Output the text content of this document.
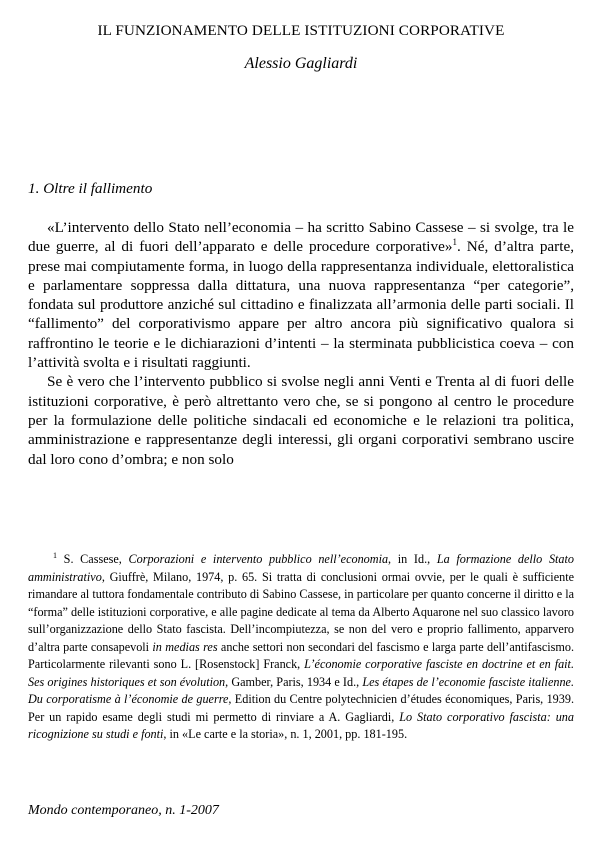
IL FUNZIONAMENTO DELLE ISTITUZIONI CORPORATIVE
Alessio Gagliardi
1. Oltre il fallimento

«L’intervento dello Stato nell’economia – ha scritto Sabino Cassese – si svolge, tra le due guerre, al di fuori dell’apparato e delle procedure corporative»$^1$. Né, d’altra parte, prese mai compiutamente forma, in luogo della rappresentanza individuale, elettoralistica e parlamentare soppressa dalla dittatura, una nuova rappresentanza “per categorie”, fondata sul produttore anziché sul cittadino e finalizzata all’armonia delle parti sociali. Il “fallimento” del corporativismo appare per altro ancora più significativo qualora si raffrontino le teorie e le dichiarazioni d’intenti – la sterminata pubblicistica coeva – con l’attività svolta e i risultati raggiunti.

Se è vero che l’intervento pubblico si svolse negli anni Venti e Trenta al di fuori delle istituzioni corporative, è però altrettanto vero che, se si pongono al centro le procedure per la formulazione delle politiche sindacali ed economiche e le relazioni tra politica, amministrazione e rappresentanze degli interessi, gli organi corporativi sembrano uscire dal loro cono d’ombra; e non solo

$^1$ S. Cassese, Corporazioni e intervento pubblico nell’economia, in Id., La formazione dello Stato amministrativo, Giuffrè, Milano, 1974, p. 65. Si tratta di conclusioni ormai ovvie, per le quali è sufficiente rimandare al tuttora fondamentale contributo di Sabino Cassese, in particolare per quanto concerne il diritto e la “forma” delle istituzioni corporative, e alle pagine dedicate al tema da Alberto Aquarone nel suo classico lavoro sull’organizzazione dello Stato fascista. Dell’incompiutezza, se non del vero e proprio fallimento, apparvero d’altra parte consapevoli in medias res anche settori non secondari del fascismo e larga parte dell’antifascismo. Particolarmente rilevanti sono L. [Rosenstock] Franck, L’économie corporative fasciste en doctrine et en fait. Ses origines historiques et son évolution, Gamber, Paris, 1934 e Id., Les étapes de l’economie fasciste italienne. Du corporatisme à l’économie de guerre, Edition du Centre polytechnicien d’études économiques, Paris, 1939. Per un rapido esame degli studi mi permetto di rinviare a A. Gagliardi, Lo Stato corporativo fascista: una ricognizione su studi e fonti, in «Le carte e la storia», n. 1, 2001, pp. 181-195.
Mondo contemporaneo, n. 1-2007
